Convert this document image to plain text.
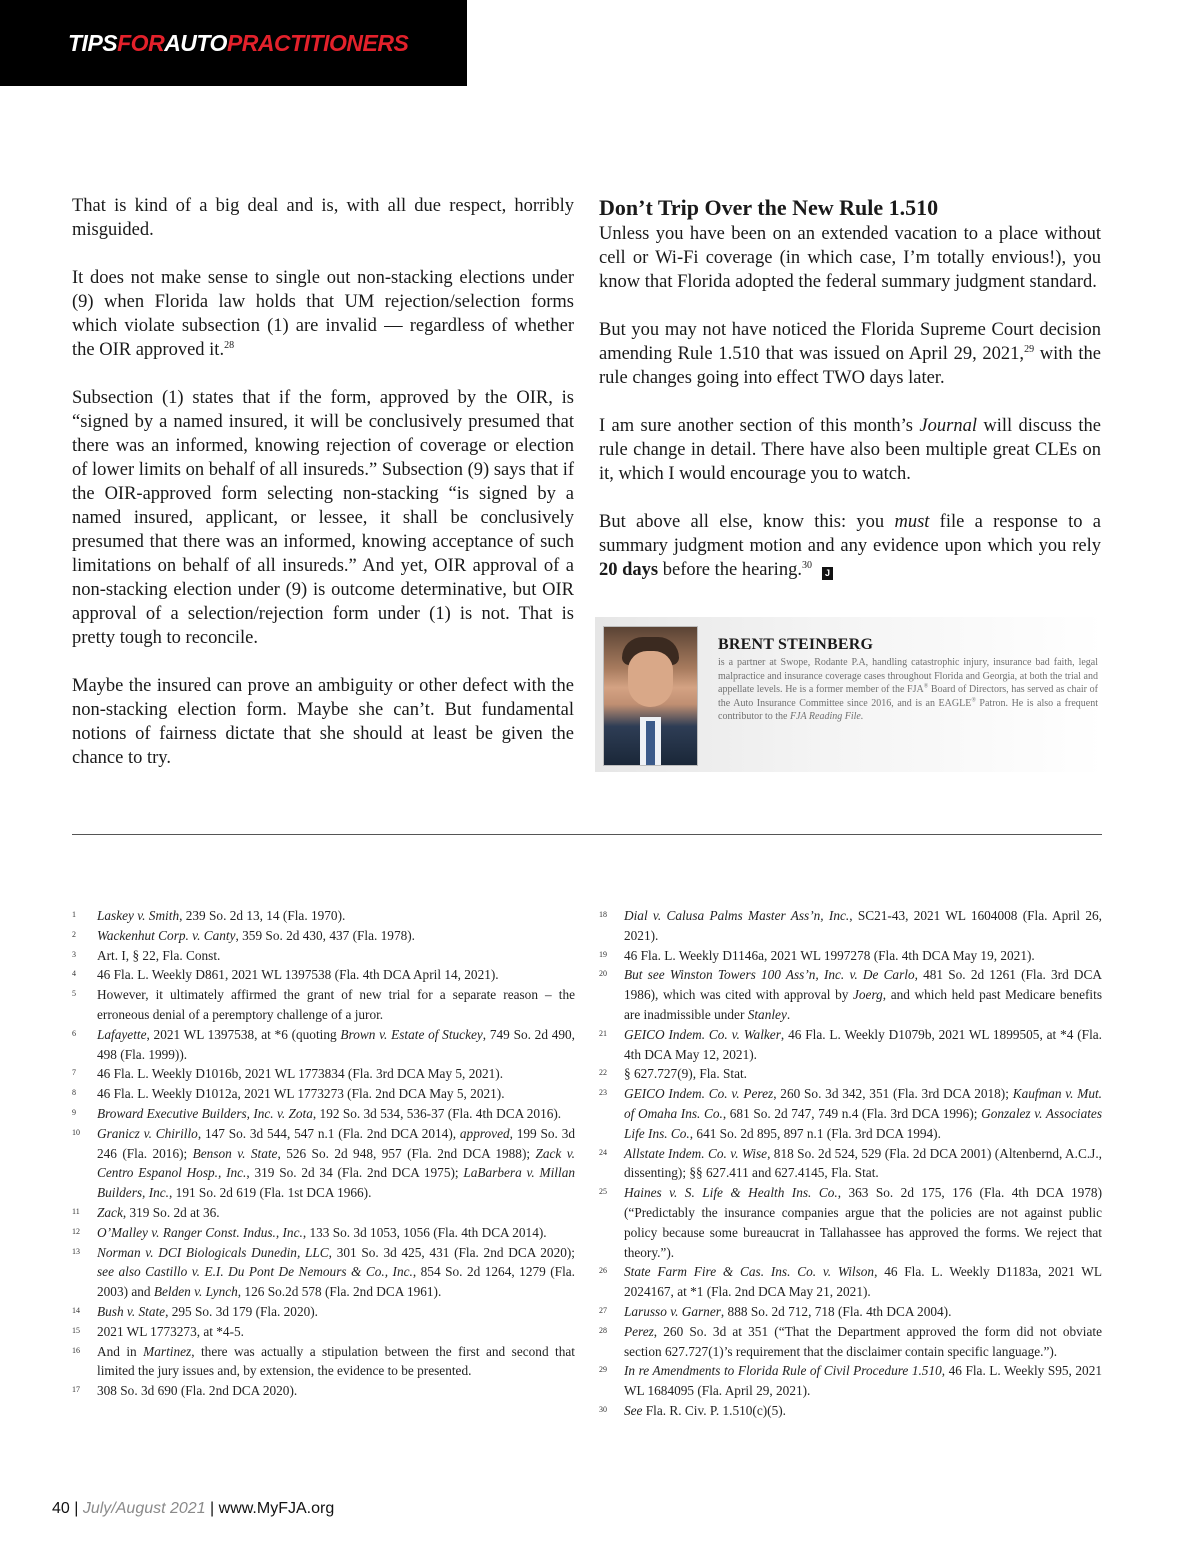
TIPSFORAUTOPRACTITIONERS

That is kind of a big deal and is, with all due respect, horribly misguided.

It does not make sense to single out non-stacking elections under (9) when Florida law holds that UM rejection/selection forms which violate subsection (1) are invalid — regardless of whether the OIR approved it.$^{28}$

Subsection (1) states that if the form, approved by the OIR, is “signed by a named insured, it will be conclusively presumed that there was an informed, knowing rejection of coverage or election of lower limits on behalf of all insureds.” Subsection (9) says that if the OIR-approved form selecting non-stacking “is signed by a named insured, applicant, or lessee, it shall be conclusively presumed that there was an informed, knowing acceptance of such limitations on behalf of all insureds.” And yet, OIR approval of a non-stacking election under (9) is outcome determinative, but OIR approval of a selection/rejection form under (1) is not. That is pretty tough to reconcile.

Maybe the insured can prove an ambiguity or other defect with the non-stacking election form. Maybe she can’t. But fundamental notions of fairness dictate that she should at least be given the chance to try.

Don’t Trip Over the New Rule 1.510

Unless you have been on an extended vacation to a place without cell or Wi-Fi coverage (in which case, I’m totally envious!), you know that Florida adopted the federal summary judgment standard.

But you may not have noticed the Florida Supreme Court decision amending Rule 1.510 that was issued on April 29, 2021,29 with the rule changes going into effect TWO days later.

I am sure another section of this month’s Journal will discuss the rule change in detail. There have also been multiple great CLEs on it, which I would encourage you to watch.

But above all else, know this: you must file a response to a summary judgment motion and any evidence upon which you rely 20 days before the hearing.$^{30}$J

BRENT STEINBERG
is a partner at Swope, Rodante P.A, handling catastrophic injury, insurance bad faith, legal malpractice and insurance coverage cases throughout Florida and Georgia, at both the trial and appellate levels. He is a former member of the FJA® Board of Directors, has served as chair of the Auto Insurance Committee since 2016, and is an EAGLE® Patron. He is also a frequent contributor to the FJA Reading File.

1 Laskey v. Smith, 239 So. 2d 13, 14 (Fla. 1970).

2 Wackenhut Corp. v. Canty, 359 So. 2d 430, 437 (Fla. 1978).

3 Art. I, § 22, Fla. Const.

4 46 Fla. L. Weekly D861, 2021 WL 1397538 (Fla. 4th DCA April 14, 2021).

5 However, it ultimately affirmed the grant of new trial for a separate reason – the erroneous denial of a peremptory challenge of a juror.

6 Lafayette, 2021 WL 1397538, at *6 (quoting Brown v. Estate of Stuckey, 749 So. 2d 490, 498 (Fla. 1999)).

7 46 Fla. L. Weekly D1016b, 2021 WL 1773834 (Fla. 3rd DCA May 5, 2021).

8 46 Fla. L. Weekly D1012a, 2021 WL 1773273 (Fla. 2nd DCA May 5, 2021).

9 Broward Executive Builders, Inc. v. Zota, 192 So. 3d 534, 536-37 (Fla. 4th DCA 2016).

10 Granicz v. Chirillo, 147 So. 3d 544, 547 n.1 (Fla. 2nd DCA 2014), approved, 199 So. 3d 246 (Fla. 2016); Benson v. State, 526 So. 2d 948, 957 (Fla. 2nd DCA 1988); Zack v. Centro Espanol Hosp., Inc., 319 So. 2d 34 (Fla. 2nd DCA 1975); LaBarbera v. Millan Builders, Inc., 191 So. 2d 619 (Fla. 1st DCA 1966).

11 Zack, 319 So. 2d at 36.

12 O’Malley v. Ranger Const. Indus., Inc., 133 So. 3d 1053, 1056 (Fla. 4th DCA 2014).

13 Norman v. DCI Biologicals Dunedin, LLC, 301 So. 3d 425, 431 (Fla. 2nd DCA 2020); see also Castillo v. E.I. Du Pont De Nemours & Co., Inc., 854 So. 2d 1264, 1279 (Fla. 2003) and Belden v. Lynch, 126 So.2d 578 (Fla. 2nd DCA 1961).

14 Bush v. State, 295 So. 3d 179 (Fla. 2020).

15 2021 WL 1773273, at *4-5.

16 And in Martinez, there was actually a stipulation between the first and second that limited the jury issues and, by extension, the evidence to be presented.

17 308 So. 3d 690 (Fla. 2nd DCA 2020).

18 Dial v. Calusa Palms Master Ass’n, Inc., SC21-43, 2021 WL 1604008 (Fla. April 26, 2021).

19 46 Fla. L. Weekly D1146a, 2021 WL 1997278 (Fla. 4th DCA May 19, 2021).

20 But see Winston Towers 100 Ass’n, Inc. v. De Carlo, 481 So. 2d 1261 (Fla. 3rd DCA 1986), which was cited with approval by Joerg, and which held past Medicare benefits are inadmissible under Stanley.

21 GEICO Indem. Co. v. Walker, 46 Fla. L. Weekly D1079b, 2021 WL 1899505, at *4 (Fla. 4th DCA May 12, 2021).

22 § 627.727(9), Fla. Stat.

23 GEICO Indem. Co. v. Perez, 260 So. 3d 342, 351 (Fla. 3rd DCA 2018); Kaufman v. Mut. of Omaha Ins. Co., 681 So. 2d 747, 749 n.4 (Fla. 3rd DCA 1996); Gonzalez v. Associates Life Ins. Co., 641 So. 2d 895, 897 n.1 (Fla. 3rd DCA 1994).

24 Allstate Indem. Co. v. Wise, 818 So. 2d 524, 529 (Fla. 2d DCA 2001) (Altenbernd, A.C.J., dissenting); §§ 627.411 and 627.4145, Fla. Stat.

25 Haines v. S. Life & Health Ins. Co., 363 So. 2d 175, 176 (Fla. 4th DCA 1978) (“Predictably the insurance companies argue that the policies are not against public policy because some bureaucrat in Tallahassee has approved the forms. We reject that theory.”).

26 State Farm Fire & Cas. Ins. Co. v. Wilson, 46 Fla. L. Weekly D1183a, 2021 WL 2024167, at *1 (Fla. 2nd DCA May 21, 2021).

27 Larusso v. Garner, 888 So. 2d 712, 718 (Fla. 4th DCA 2004).

28 Perez, 260 So. 3d at 351 (“That the Department approved the form did not obviate section 627.727(1)’s requirement that the disclaimer contain specific language.”).

29 In re Amendments to Florida Rule of Civil Procedure 1.510, 46 Fla. L. Weekly S95, 2021 WL 1684095 (Fla. April 29, 2021).

30 See Fla. R. Civ. P. 1.510(c)(5).

40 | July/August 2021 | www.MyFJA.org
